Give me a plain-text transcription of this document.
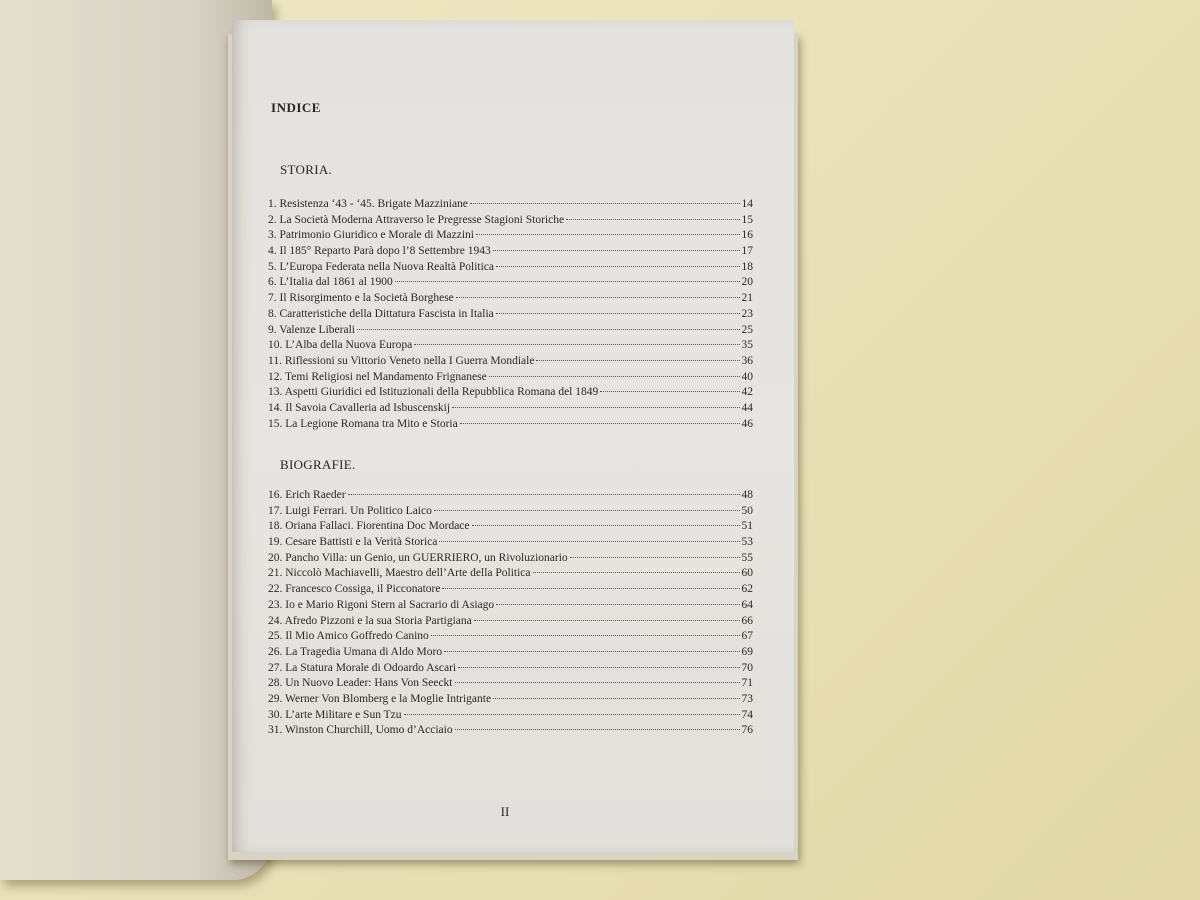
INDICE
STORIA.
1. Resistenza ‘43 - ‘45. Brigate Mazziniane	14
2. La Società Moderna Attraverso le Pregresse Stagioni Storiche	15
3. Patrimonio Giuridico e Morale di Mazzini	16
4. Il 185° Reparto Parà dopo l’8 Settembre 1943	17
5. L’Europa Federata nella Nuova Realtà Politica	18
6. L’Italia dal 1861 al 1900	20
7. Il Risorgimento e la Società Borghese	21
8. Caratteristiche della Dittatura Fascista in Italia	23
9. Valenze Liberali	25
10. L’Alba della Nuova Europa	35
11. Riflessioni su Vittorio Veneto nella I Guerra Mondiale	36
12. Temi Religiosi nel Mandamento Frignanese	40
13. Aspetti Giuridici ed Istituzionali della Repubblica Romana del 1849	42
14. Il Savoia Cavalleria ad Isbuscenskij	44
15. La Legione Romana tra Mito e Storia	46
BIOGRAFIE.
16. Erich Raeder	48
17. Luigi Ferrari. Un Politico Laico	50
18. Oriana Fallaci. Fiorentina Doc Mordace	51
19. Cesare Battisti e la Verità Storica	53
20. Pancho Villa: un Genio, un GUERRIERO, un Rivoluzionario	55
21. Niccolò Machiavelli, Maestro dell’Arte della Politica	60
22. Francesco Cossiga, il Picconatore	62
23. Io e Mario Rigoni Stern al Sacrario di Asiago	64
24. Afredo Pizzoni e la sua Storia Partigiana	66
25. Il Mio Amico Goffredo Canino	67
26. La Tragedia Umana di Aldo Moro	69
27. La Statura Morale di Odoardo Ascari	70
28. Un Nuovo Leader: Hans Von Seeckt	71
29. Werner Von Blomberg e la Moglie Intrigante	73
30. L’arte Militare e Sun Tzu	74
31. Winston Churchill, Uomo d’Acciaio	76
II
